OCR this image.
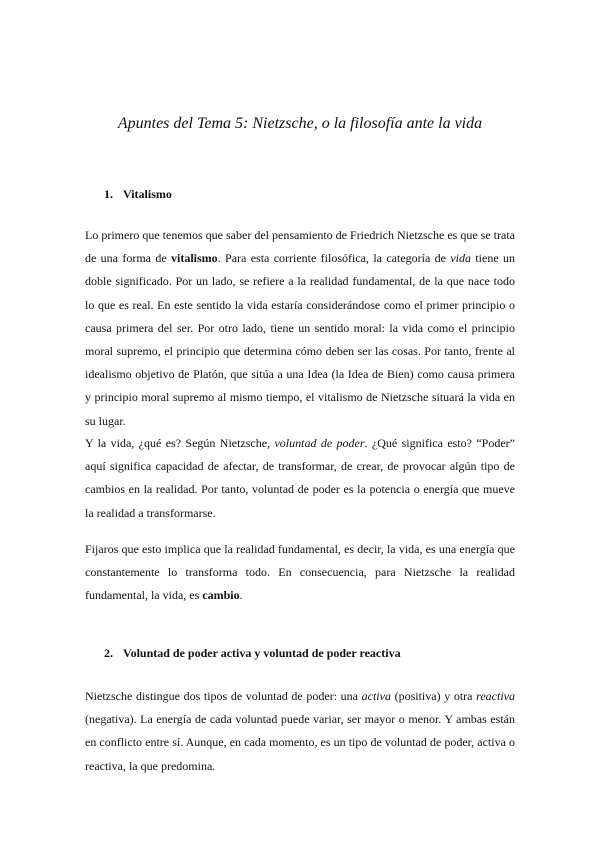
Apuntes del Tema 5: Nietzsche, o la filosofía ante la vida
1. Vitalismo

Lo primero que tenemos que saber del pensamiento de Friedrich Nietzsche es que se trata de una forma de vitalismo. Para esta corriente filosófica, la categoría de vida tiene un doble significado. Por un lado, se refiere a la realidad fundamental, de la que nace todo lo que es real. En este sentido la vida estaría considerándose como el primer principio o causa primera del ser. Por otro lado, tiene un sentido moral: la vida como el principio moral supremo, el principio que determina cómo deben ser las cosas. Por tanto, frente al idealismo objetivo de Platón, que sitúa a una Idea (la Idea de Bien) como causa primera y principio moral supremo al mismo tiempo, el vitalismo de Nietzsche situará la vida en su lugar.

Y la vida, ¿qué es? Según Nietzsche, voluntad de poder. ¿Qué significa esto? “Poder” aquí significa capacidad de afectar, de transformar, de crear, de provocar algún tipo de cambios en la realidad. Por tanto, voluntad de poder es la potencia o energía que mueve la realidad a transformarse.

Fijaros que esto implica que la realidad fundamental, es decir, la vida, es una energía que constantemente lo transforma todo. En consecuencia, para Nietzsche la realidad fundamental, la vida, es cambio.

2. Voluntad de poder activa y voluntad de poder reactiva

Nietzsche distingue dos tipos de voluntad de poder: una activa (positiva) y otra reactiva (negativa). La energía de cada voluntad puede variar, ser mayor o menor. Y ambas están en conflicto entre sí. Aunque, en cada momento, es un tipo de voluntad de poder, activa o reactiva, la que predomina.
